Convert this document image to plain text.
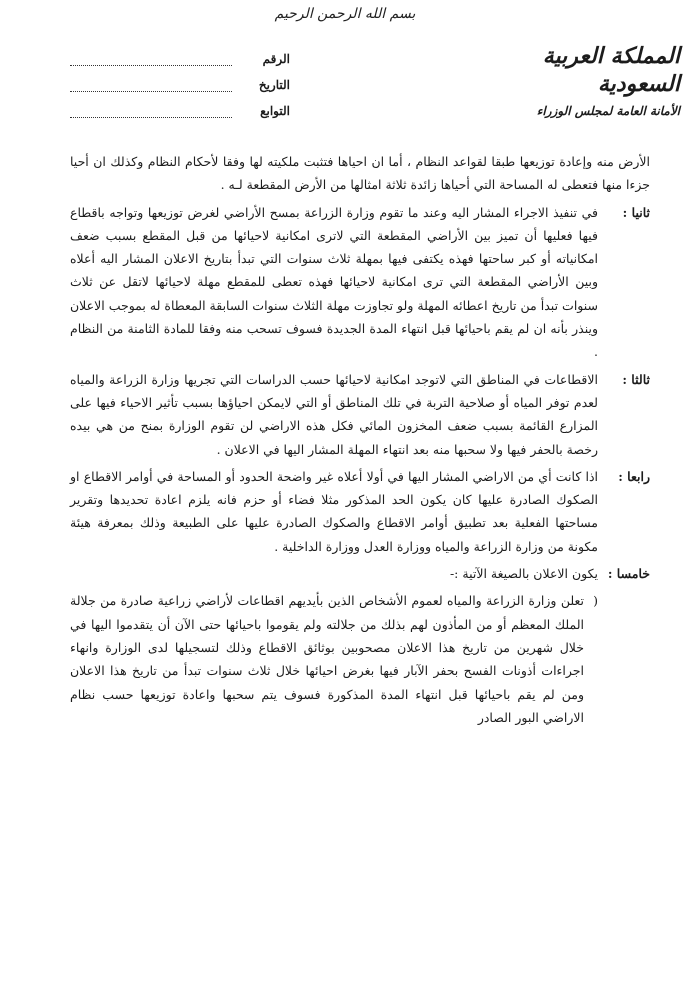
بسم الله الرحمن الرحيم
المملكة العربية السعودية
الأمانة العامة لمجلس الوزراء
الرقم
التاريخ
التوابع
الأرض منه وإعادة توزيعها طبقا لقواعد النظام ، أما ان احياها فتثبت ملكيته لها وفقا لأحكام النظام وكذلك ان أحيا جزءا منها فتعطى له المساحة التي أحياها زائدة ثلاثة امثالها من الأرض المقطعة لـه .
ثانيا :
في تنفيذ الاجراء المشار اليه وعند ما تقوم وزارة الزراعة بمسح الأراضي لغرض توزيعها وتواجه باقطاع فيها فعليها أن تميز بين الأراضي المقطعة التي لاترى امكانية لاحيائها من قبل المقطع بسبب ضعف امكانياته أو كبر ساحتها فهذه يكتفى فيها بمهلة ثلاث سنوات التي تبدأ بتاريخ الاعلان المشار اليه أعلاه وبين الأراضي المقطعة التي ترى امكانية لاحيائها فهذه تعطى للمقطع مهلة لاحيائها لاتقل عن ثلاث سنوات تبدأ من تاريخ اعطائه المهلة ولو تجاوزت مهلة الثلاث سنوات السابقة المعطاة له بموجب الاعلان وينذر بأنه ان لم يقم باحيائها قبل انتهاء المدة الجديدة فسوف تسحب منه وفقا للمادة الثامنة من النظام .
ثالثا :
الاقطاعات في المناطق التي لاتوجد امكانية لاحيائها حسب الدراسات التي تجريها وزارة الزراعة والمياه لعدم توفر المياه أو صلاحية التربة في تلك المناطق أو التي لايمكن احياؤها بسبب تأثير الاحياء فيها على المزارع القائمة بسبب ضعف المخزون المائي فكل هذه الاراضي لن تقوم الوزارة بمنح من هي بيده رخصة بالحفر فيها ولا سحبها منه بعد انتهاء المهلة المشار اليها في الاعلان .
رابعا :
اذا كانت أي من الاراضي المشار اليها في أولا أعلاه غير واضحة الحدود أو المساحة في أوامر الاقطاع او الصكوك الصادرة عليها كان يكون الحد المذكور مثلا فضاء أو حزم فانه يلزم اعادة تحديدها وتقرير مساحتها الفعلية بعد تطبيق أوامر الاقطاع والصكوك الصادرة عليها على الطبيعة وذلك بمعرفة هيئة مكونة من وزارة الزراعة والمياه ووزارة العدل ووزارة الداخلية .
خامسا :
يكون الاعلان بالصيغة الآتية :-
(
تعلن وزارة الزراعة والمياه لعموم الأشخاص الذين بأيديهم اقطاعات لأراضي زراعية صادرة من جلالة الملك المعظم أو من المأذون لهم بذلك من جلالته ولم يقوموا باحيائها حتى الآن أن يتقدموا اليها في خلال شهرين من تاريخ هذا الاعلان مصحوبين بوثائق الاقطاع وذلك لتسجيلها لدى الوزارة وانهاء اجراءات أذونات الفسح بحفر الآبار فيها بغرض احيائها خلال ثلاث سنوات تبدأ من تاريخ هذا الاعلان ومن لم يقم باحيائها قبل انتهاء المدة المذكورة فسوف يتم سحبها واعادة توزيعها حسب نظام الاراضي البور الصادر
